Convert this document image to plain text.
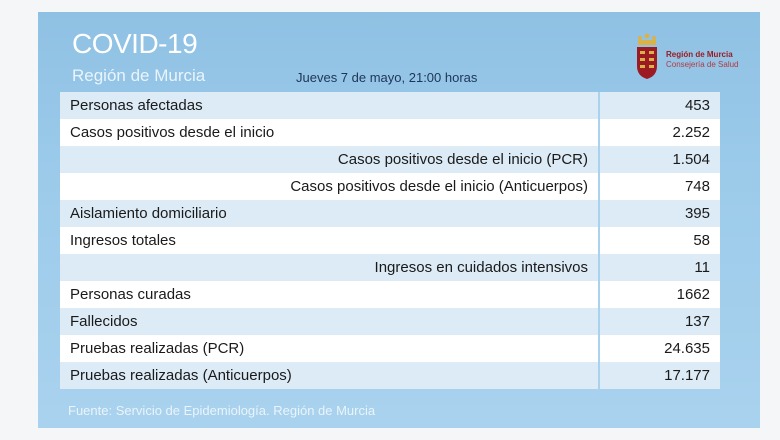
COVID-19
Región de Murcia	Jueves 7 de mayo, 21:00 horas
Región de Murcia
Consejería de Salud
Personas afectadas	453
Casos positivos desde el inicio	2.252
Casos positivos desde el inicio (PCR)	1.504
Casos positivos desde el inicio (Anticuerpos)	748
Aislamiento domiciliario	395
Ingresos totales	58
Ingresos en cuidados intensivos	11
Personas curadas	1662
Fallecidos	137
Pruebas realizadas (PCR)	24.635
Pruebas realizadas (Anticuerpos)	17.177
Fuente: Servicio de Epidemiología. Región de Murcia
